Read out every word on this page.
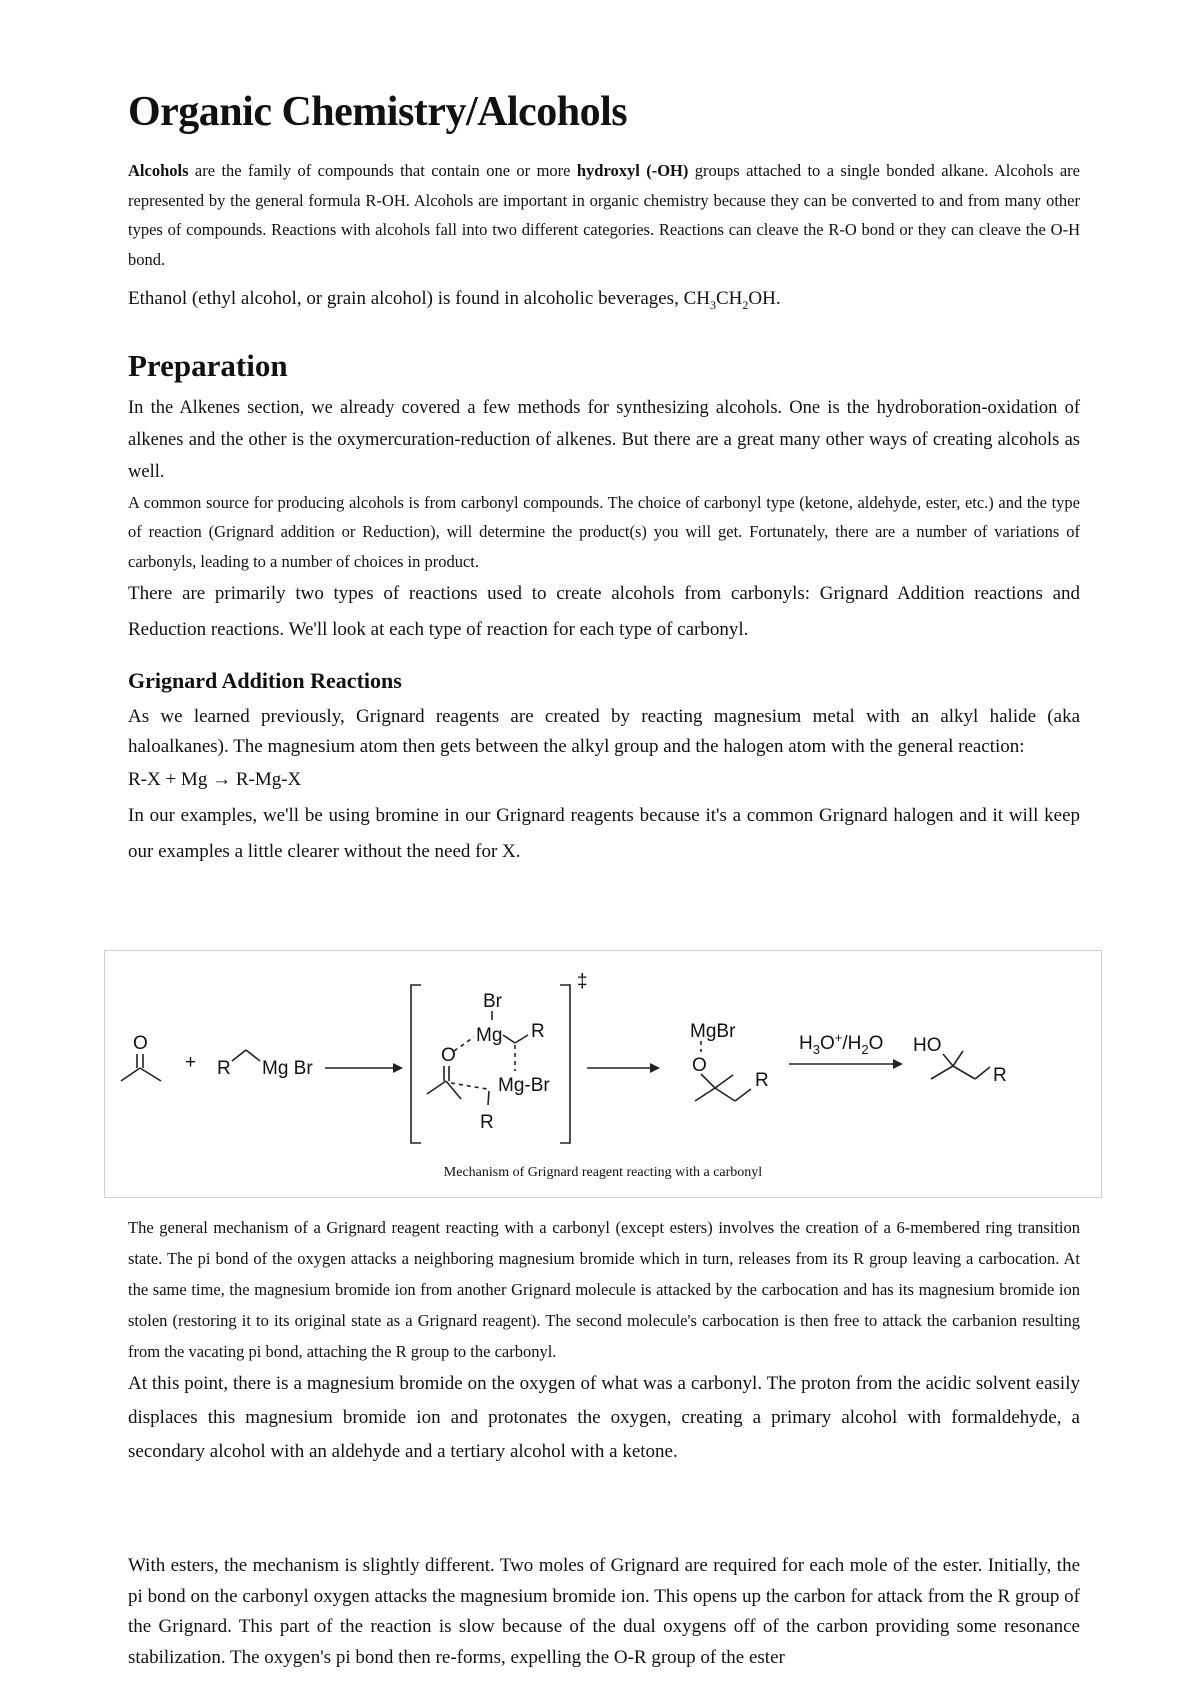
Organic Chemistry/Alcohols

Alcohols are the family of compounds that contain one or more hydroxyl (-OH) groups attached to a single bonded alkane. Alcohols are represented by the general formula R-OH. Alcohols are important in organic chemistry because they can be converted to and from many other types of compounds. Reactions with alcohols fall into two different categories. Reactions can cleave the R-O bond or they can cleave the O-H bond.

Ethanol (ethyl alcohol, or grain alcohol) is found in alcoholic beverages, $CH_3CH_2OH$.

Preparation

In the Alkenes section, we already covered a few methods for synthesizing alcohols. One is the hydroboration-oxidation of alkenes and the other is the oxymercuration-reduction of alkenes. But there are a great many other ways of creating alcohols as well.

A common source for producing alcohols is from carbonyl compounds. The choice of carbonyl type (ketone, aldehyde, ester, etc.) and the type of reaction (Grignard addition or Reduction), will determine the product(s) you will get. Fortunately, there are a number of variations of carbonyls, leading to a number of choices in product.

There are primarily two types of reactions used to create alcohols from carbonyls: Grignard Addition reactions and Reduction reactions. We'll look at each type of reaction for each type of carbonyl.

Grignard Addition Reactions

As we learned previously, Grignard reagents are created by reacting magnesium metal with an alkyl halide (aka haloalkanes). The magnesium atom then gets between the alkyl group and the halogen atom with the general reaction:

R-X + Mg → R-Mg-X

In our examples, we'll be using bromine in our Grignard reagents because it's a common Grignard halogen and it will keep our examples a little clearer without the need for X.

O
+ R Mg Br
‡
Br
Mg R
O
Mg-Br
R
MgBr
O
R
$H_3O^+/H_2O$ HO
R
Mechanism of Grignard reagent reacting with a carbonyl

The general mechanism of a Grignard reagent reacting with a carbonyl (except esters) involves the creation of a 6-membered ring transition state. The pi bond of the oxygen attacks a neighboring magnesium bromide which in turn, releases from its R group leaving a carbocation. At the same time, the magnesium bromide ion from another Grignard molecule is attacked by the carbocation and has its magnesium bromide ion stolen (restoring it to its original state as a Grignard reagent). The second molecule's carbocation is then free to attack the carbanion resulting from the vacating pi bond, attaching the R group to the carbonyl.

At this point, there is a magnesium bromide on the oxygen of what was a carbonyl. The proton from the acidic solvent easily displaces this magnesium bromide ion and protonates the oxygen, creating a primary alcohol with formaldehyde, a secondary alcohol with an aldehyde and a tertiary alcohol with a ketone.

With esters, the mechanism is slightly different. Two moles of Grignard are required for each mole of the ester. Initially, the pi bond on the carbonyl oxygen attacks the magnesium bromide ion. This opens up the carbon for attack from the R group of the Grignard. This part of the reaction is slow because of the dual oxygens off of the carbon providing some resonance stabilization. The oxygen's pi bond then re-forms, expelling the O-R group of the ester
